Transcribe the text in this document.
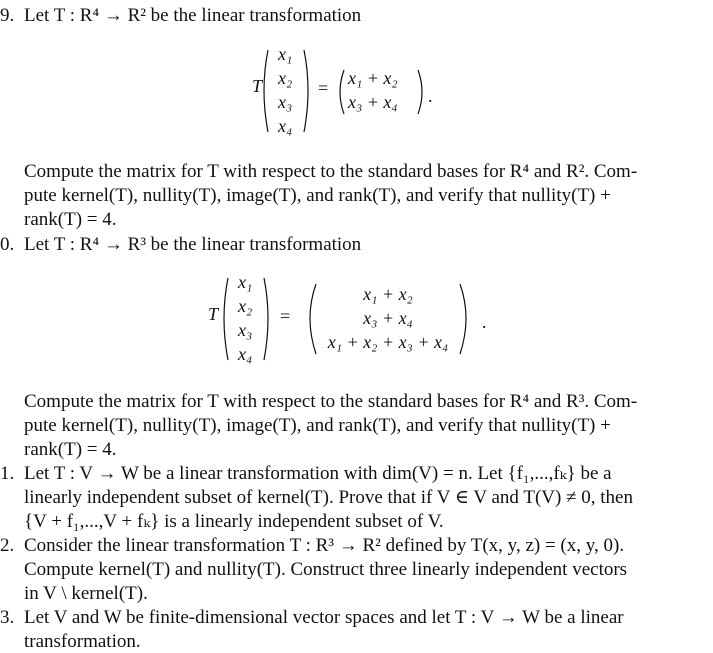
9. Let T : R⁴ → R² be the linear transformation
T
x₁
x₂
x₃
x₄
= x₁ + x₂
x₃ + x₄ .
Compute the matrix for T with respect to the standard bases for R⁴ and R². Com-
pute kernel(T), nullity(T), image(T), and rank(T), and verify that nullity(T) +
rank(T) = 4.
0. Let T : R⁴ → R³ be the linear transformation
T
x₁
x₂
x₃
x₄
=
x₁ + x₂
x₃ + x₄
x₁ + x₂ + x₃ + x₄
.
Compute the matrix for T with respect to the standard bases for R⁴ and R³. Com-
pute kernel(T), nullity(T), image(T), and rank(T), and verify that nullity(T) +
rank(T) = 4.
1. Let T : V → W be a linear transformation with dim(V) = n. Let {f₁,...,fₖ} be a
linearly independent subset of kernel(T). Prove that if V ∈ V and T(V) ≠ 0, then
{V + f₁,...,V + fₖ} is a linearly independent subset of V.
2. Consider the linear transformation T : R³ → R² defined by T(x, y, z) = (x, y, 0).
Compute kernel(T) and nullity(T). Construct three linearly independent vectors
in V \ kernel(T).
3. Let V and W be finite-dimensional vector spaces and let T : V → W be a linear
transformation.
